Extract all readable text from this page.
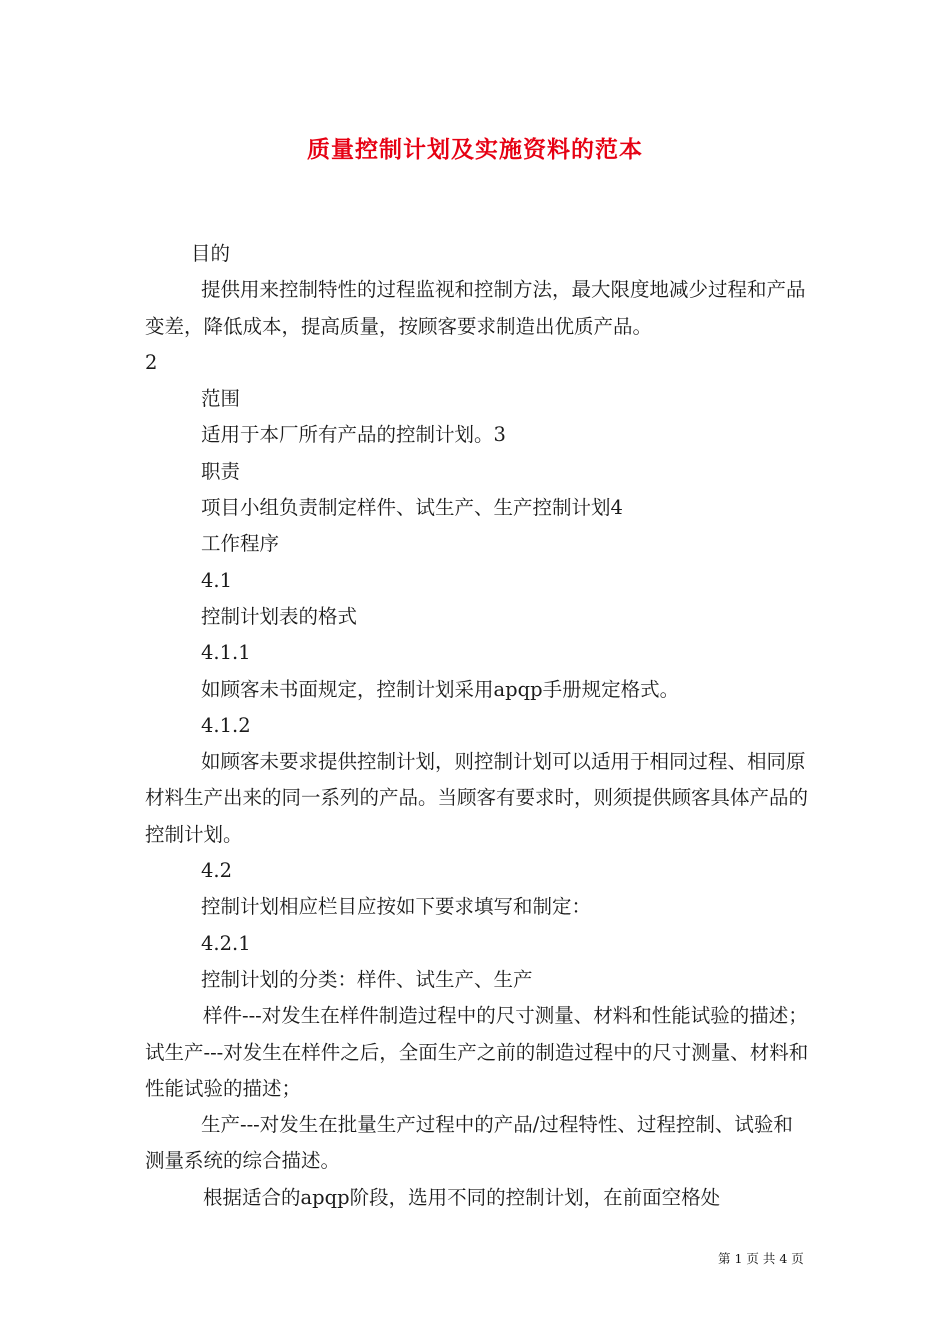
质量控制计划及实施资料的范本

目的

提供用来控制特性的过程监视和控制方法，最大限度地减少过程和产品变差，降低成本，提高质量，按顾客要求制造出优质产品。

2

范围

适用于本厂所有产品的控制计划。3

职责

项目小组负责制定样件、试生产、生产控制计划4

工作程序

4.1

控制计划表的格式

4.1.1

如顾客未书面规定，控制计划采用apqp手册规定格式。

4.1.2

如顾客未要求提供控制计划，则控制计划可以适用于相同过程、相同原材料生产出来的同一系列的产品。当顾客有要求时，则须提供顾客具体产品的控制计划。

4.2

控制计划相应栏目应按如下要求填写和制定：

4.2.1

控制计划的分类：样件、试生产、生产

样件---对发生在样件制造过程中的尺寸测量、材料和性能试验的描述；试生产---对发生在样件之后，全面生产之前的制造过程中的尺寸测量、材料和性能试验的描述；

生产---对发生在批量生产过程中的产品/过程特性、过程控制、试验和测量系统的综合描述。

根据适合的apqp阶段，选用不同的控制计划，在前面空格处

第 1 页 共 4 页
